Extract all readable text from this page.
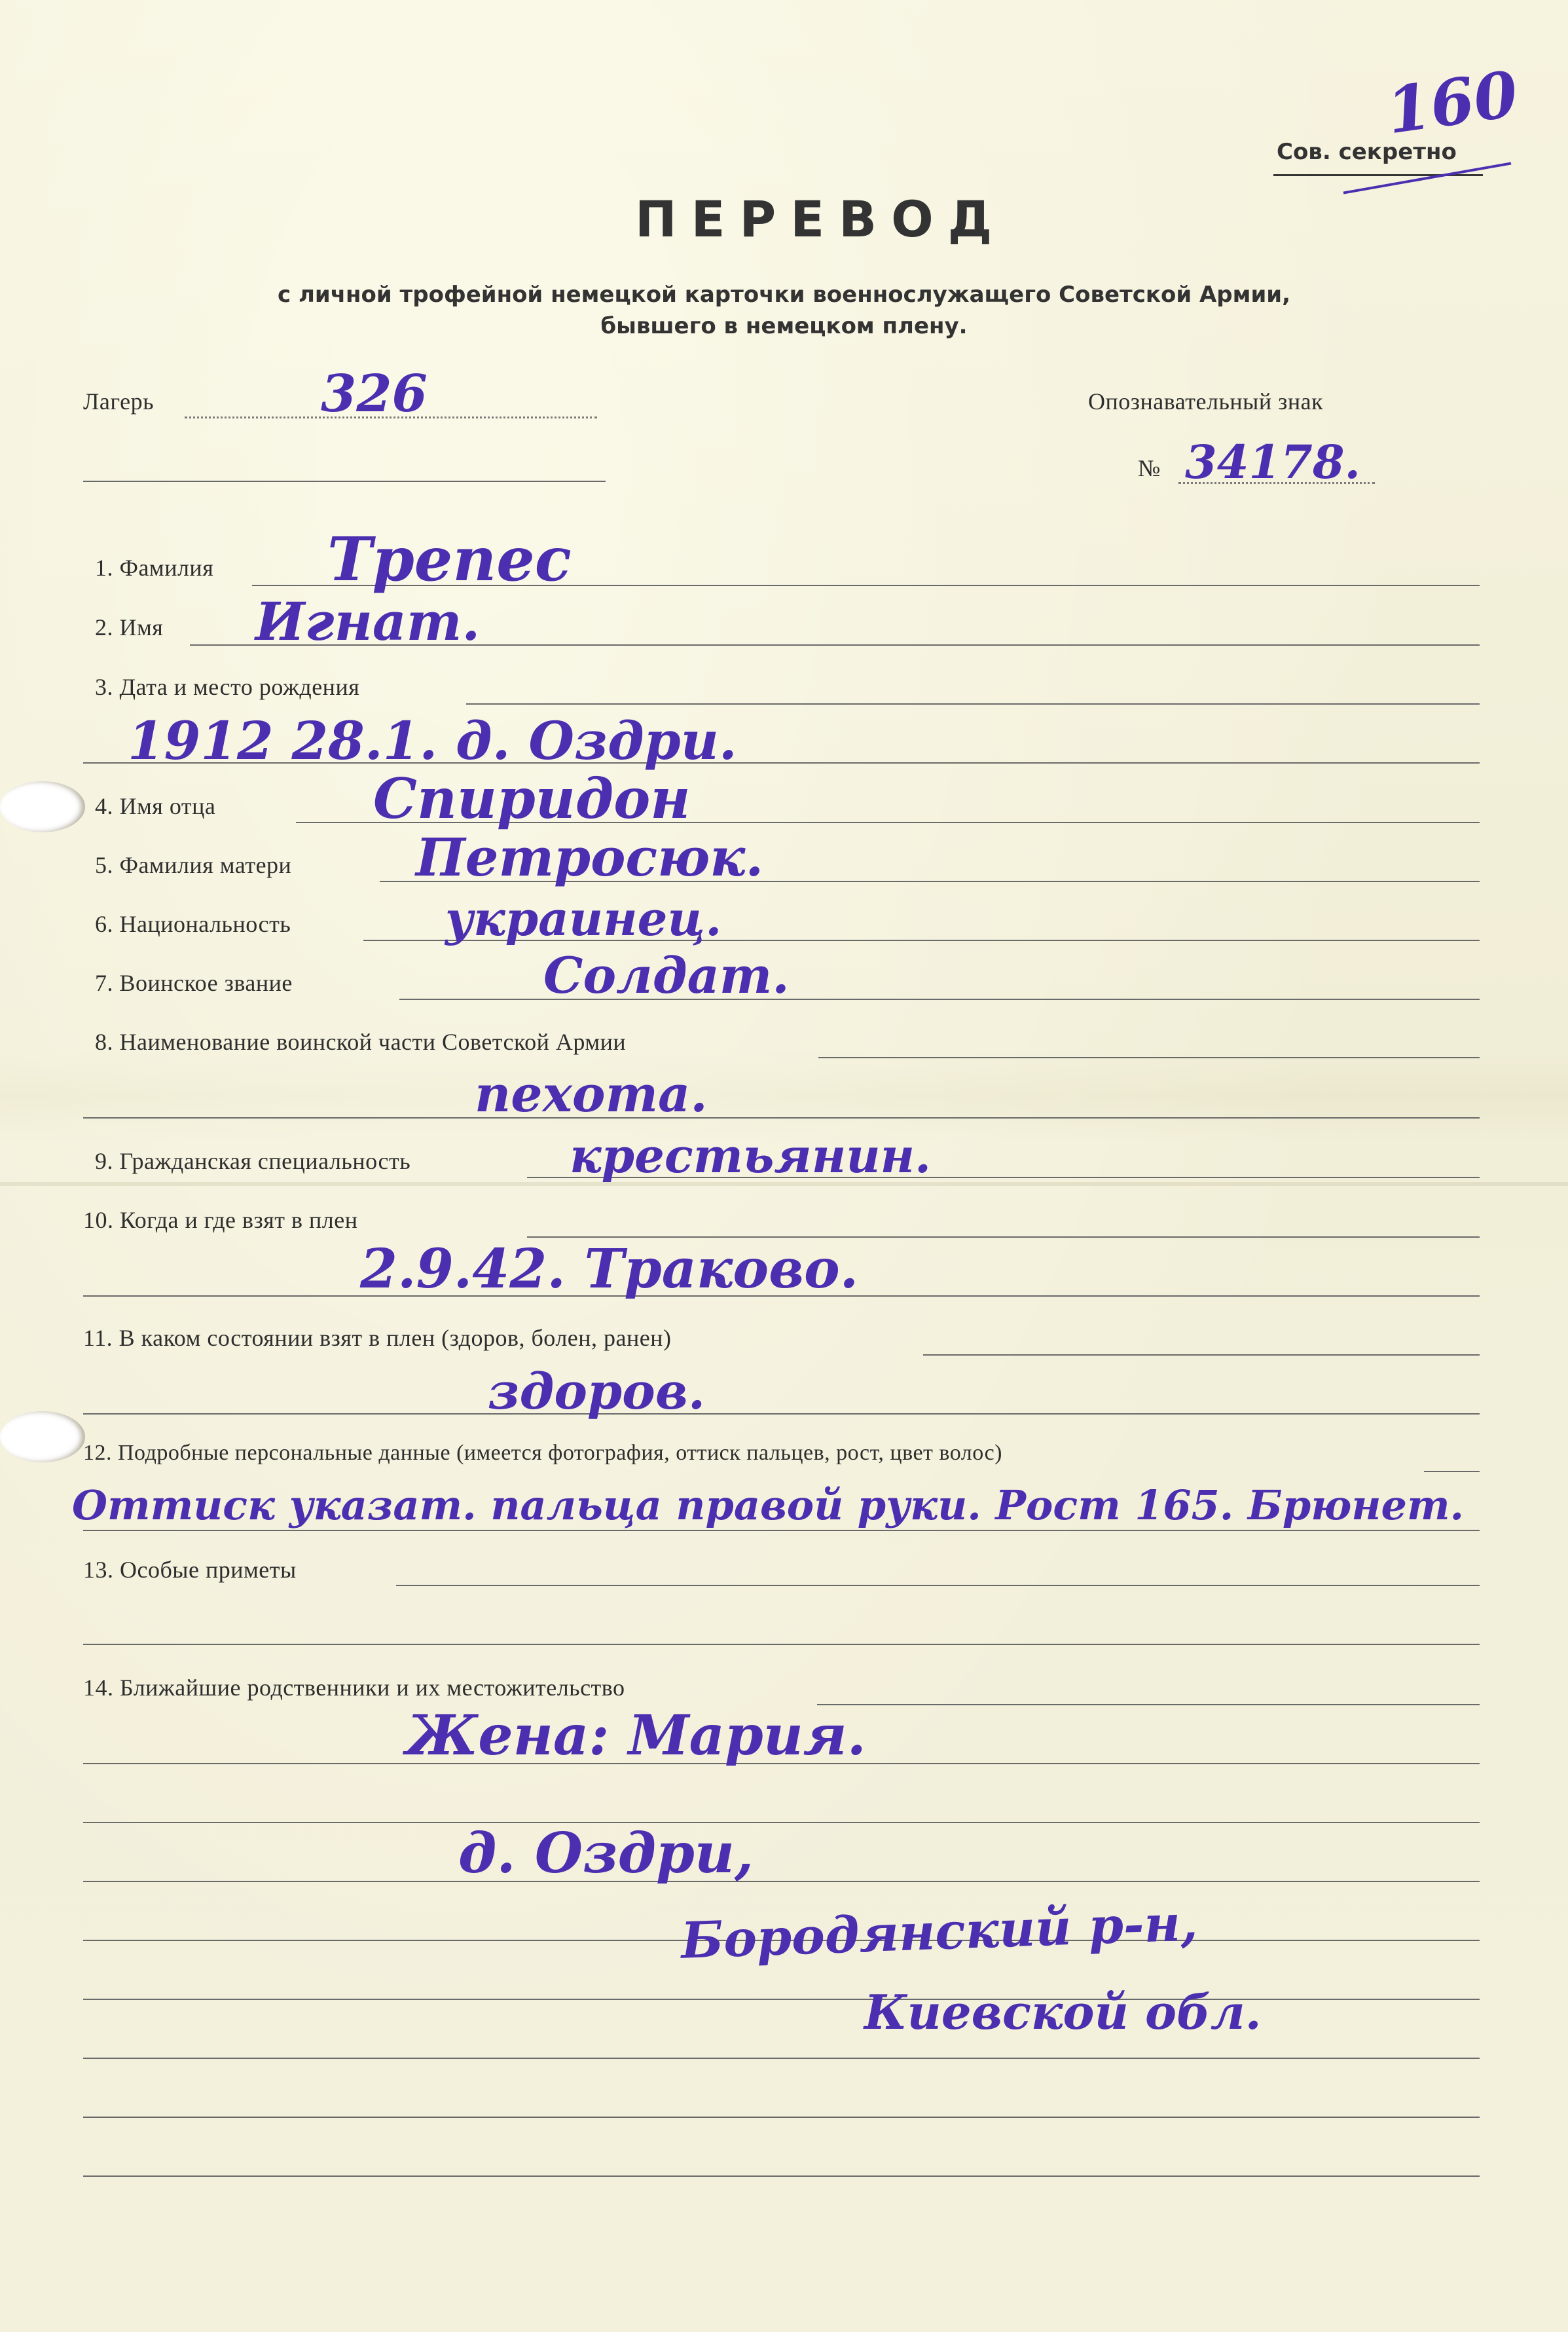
160
Сов. секретно
ПЕРЕВОД
с личной трофейной немецкой карточки военнослужащего Советской Армии,
бывшего в немецком плену.
Лагерь	326	Опознавательный знак
№ 34178.
1. Фамилия Трепес
2. Имя Игнат.
3. Дата и место рождения
1912 28.1. д. Оздри.
4. Имя отца	Спиридон
5. Фамилия матери Петросюк.
6. Национальность	украинец.
7. Воинское звание	Солдат.
8. Наименование воинской части Советской Армии
пехота.
9. Гражданская специальность	крестьянин.
10. Когда и где взят в плен
2.9.42. Траково.
11. В каком состоянии взят в плен (здоров, болен, ранен)
здоров.
12. Подробные персональные данные (имеется фотография, оттиск пальцев, рост, цвет волос)
Оттиск указат. пальца правой руки. Рост 165. Брюнет.
13. Особые приметы
14. Ближайшие родственники и их местожительство
Жена: Мария.
д. Оздри,
Бородянский р-н,
Киевской обл.
